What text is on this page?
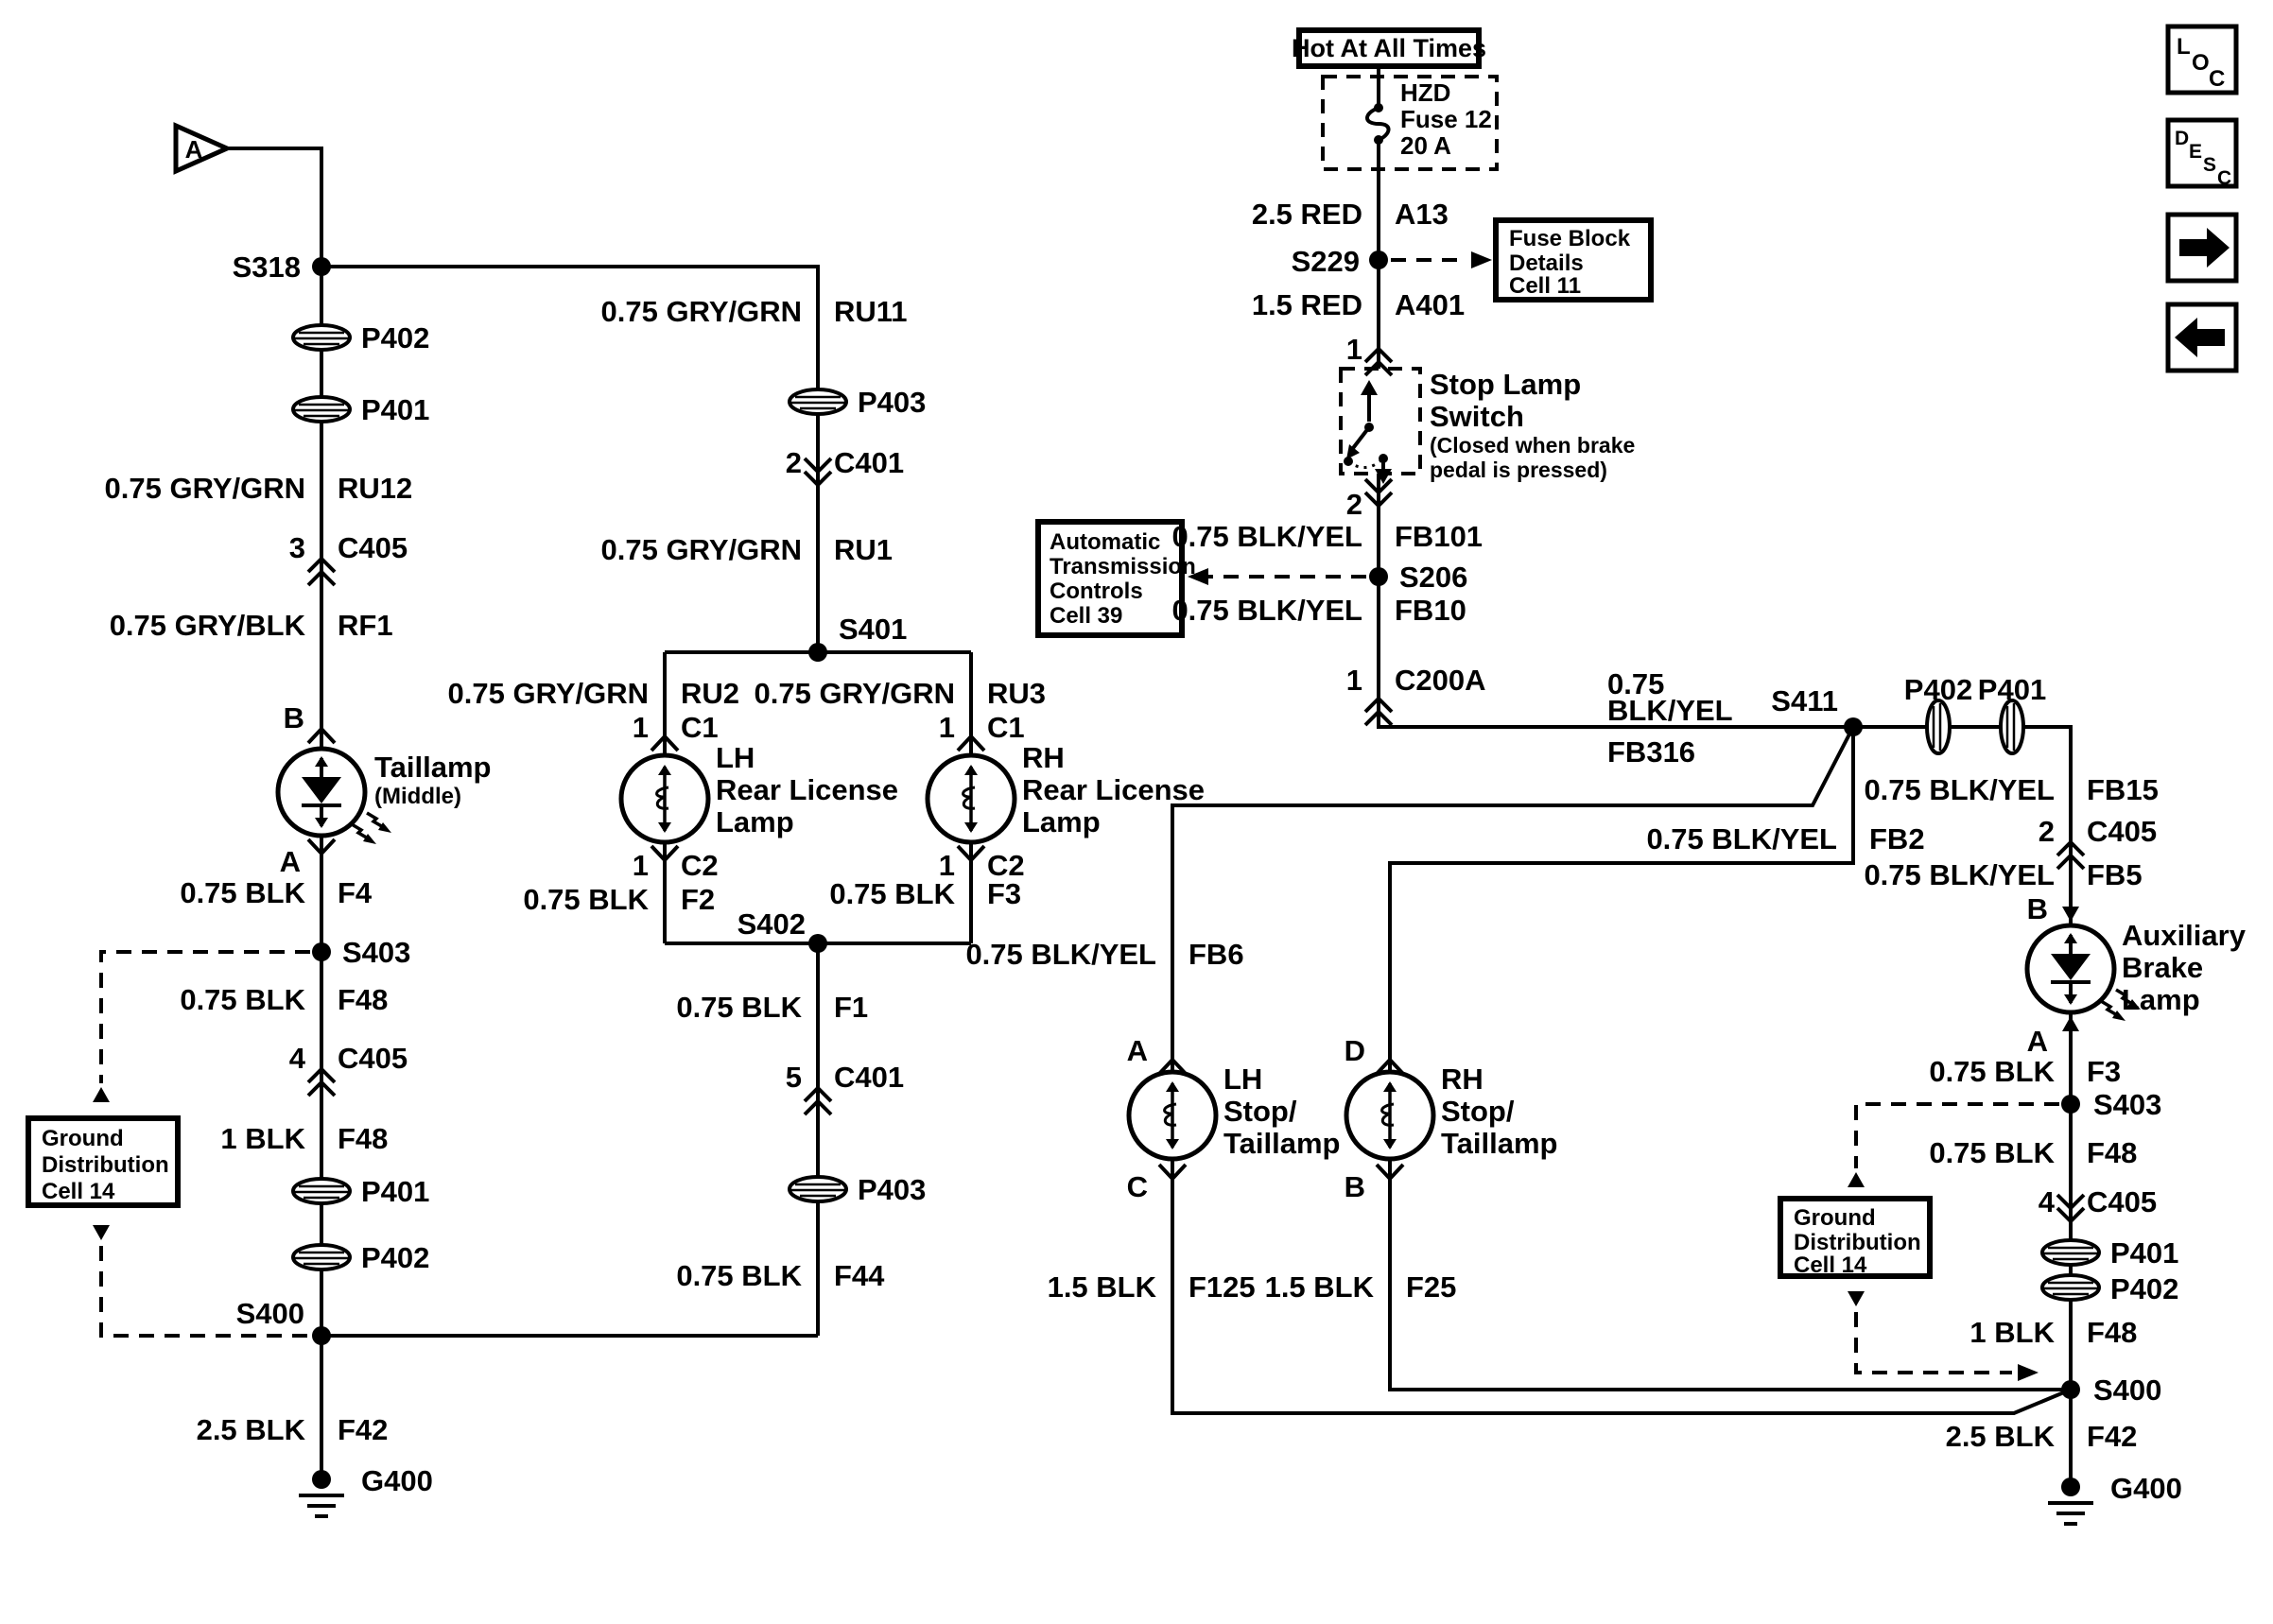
A
S318
P402
P401
0.75 GRY/GRN RU12
3 C405
0.75 GRY/BLK RF1
B
Taillamp
(Middle)
A
0.75 BLK F4
S403
0.75 BLK F48
4 C405
1 BLK F48
P401
P402
S400
2.5 BLK F42
G400
Ground
Distribution
Cell 14
0.75 GRY/GRN RU11
P403
2 C401
0.75 GRY/GRN RU1
S401
0.75 GRY/GRN RU2 0.75 GRY/GRN RU3
1 C1	1 C1
LH
Rear License
Lamp
RH
Rear License
Lamp
1 C2	1 C2
0.75 BLK F2	0.75 BLK F3
S402
0.75 BLK F1
5 C401
P403
0.75 BLK F44
Hot At All Times
HZD
Fuse 12
20 A
2.5 RED A13
S229
Fuse Block
Details
Cell 11
1.5 RED A401
1
Stop Lamp
Switch
(Closed when brake
pedal is pressed)
2
0.75 BLK/YEL FB101
S206
Automatic
Transmission
Controls
Cell 39 0.75 BLK/YEL FB10
1 C200A	0.75
BLK/YEL
FB316
S411 P402 P401
0.75 BLK/YEL FB15
2 C405
0.75 BLK/YEL FB5
B
Auxiliary
Brake
Lamp
A
0.75 BLK F3
S403
0.75 BLK F48
4 C405
P401
P402
1 BLK F48
S400
2.5 BLK F42
G400
Ground
Distribution
Cell 14
0.75 BLK/YEL FB2
0.75 BLK/YEL FB6
A	D
LH
Stop/
Taillamp
RH
Stop/
Taillamp
C	B
1.5 BLK F125 1.5 BLK F25
L
O
C
D
E
S
C
